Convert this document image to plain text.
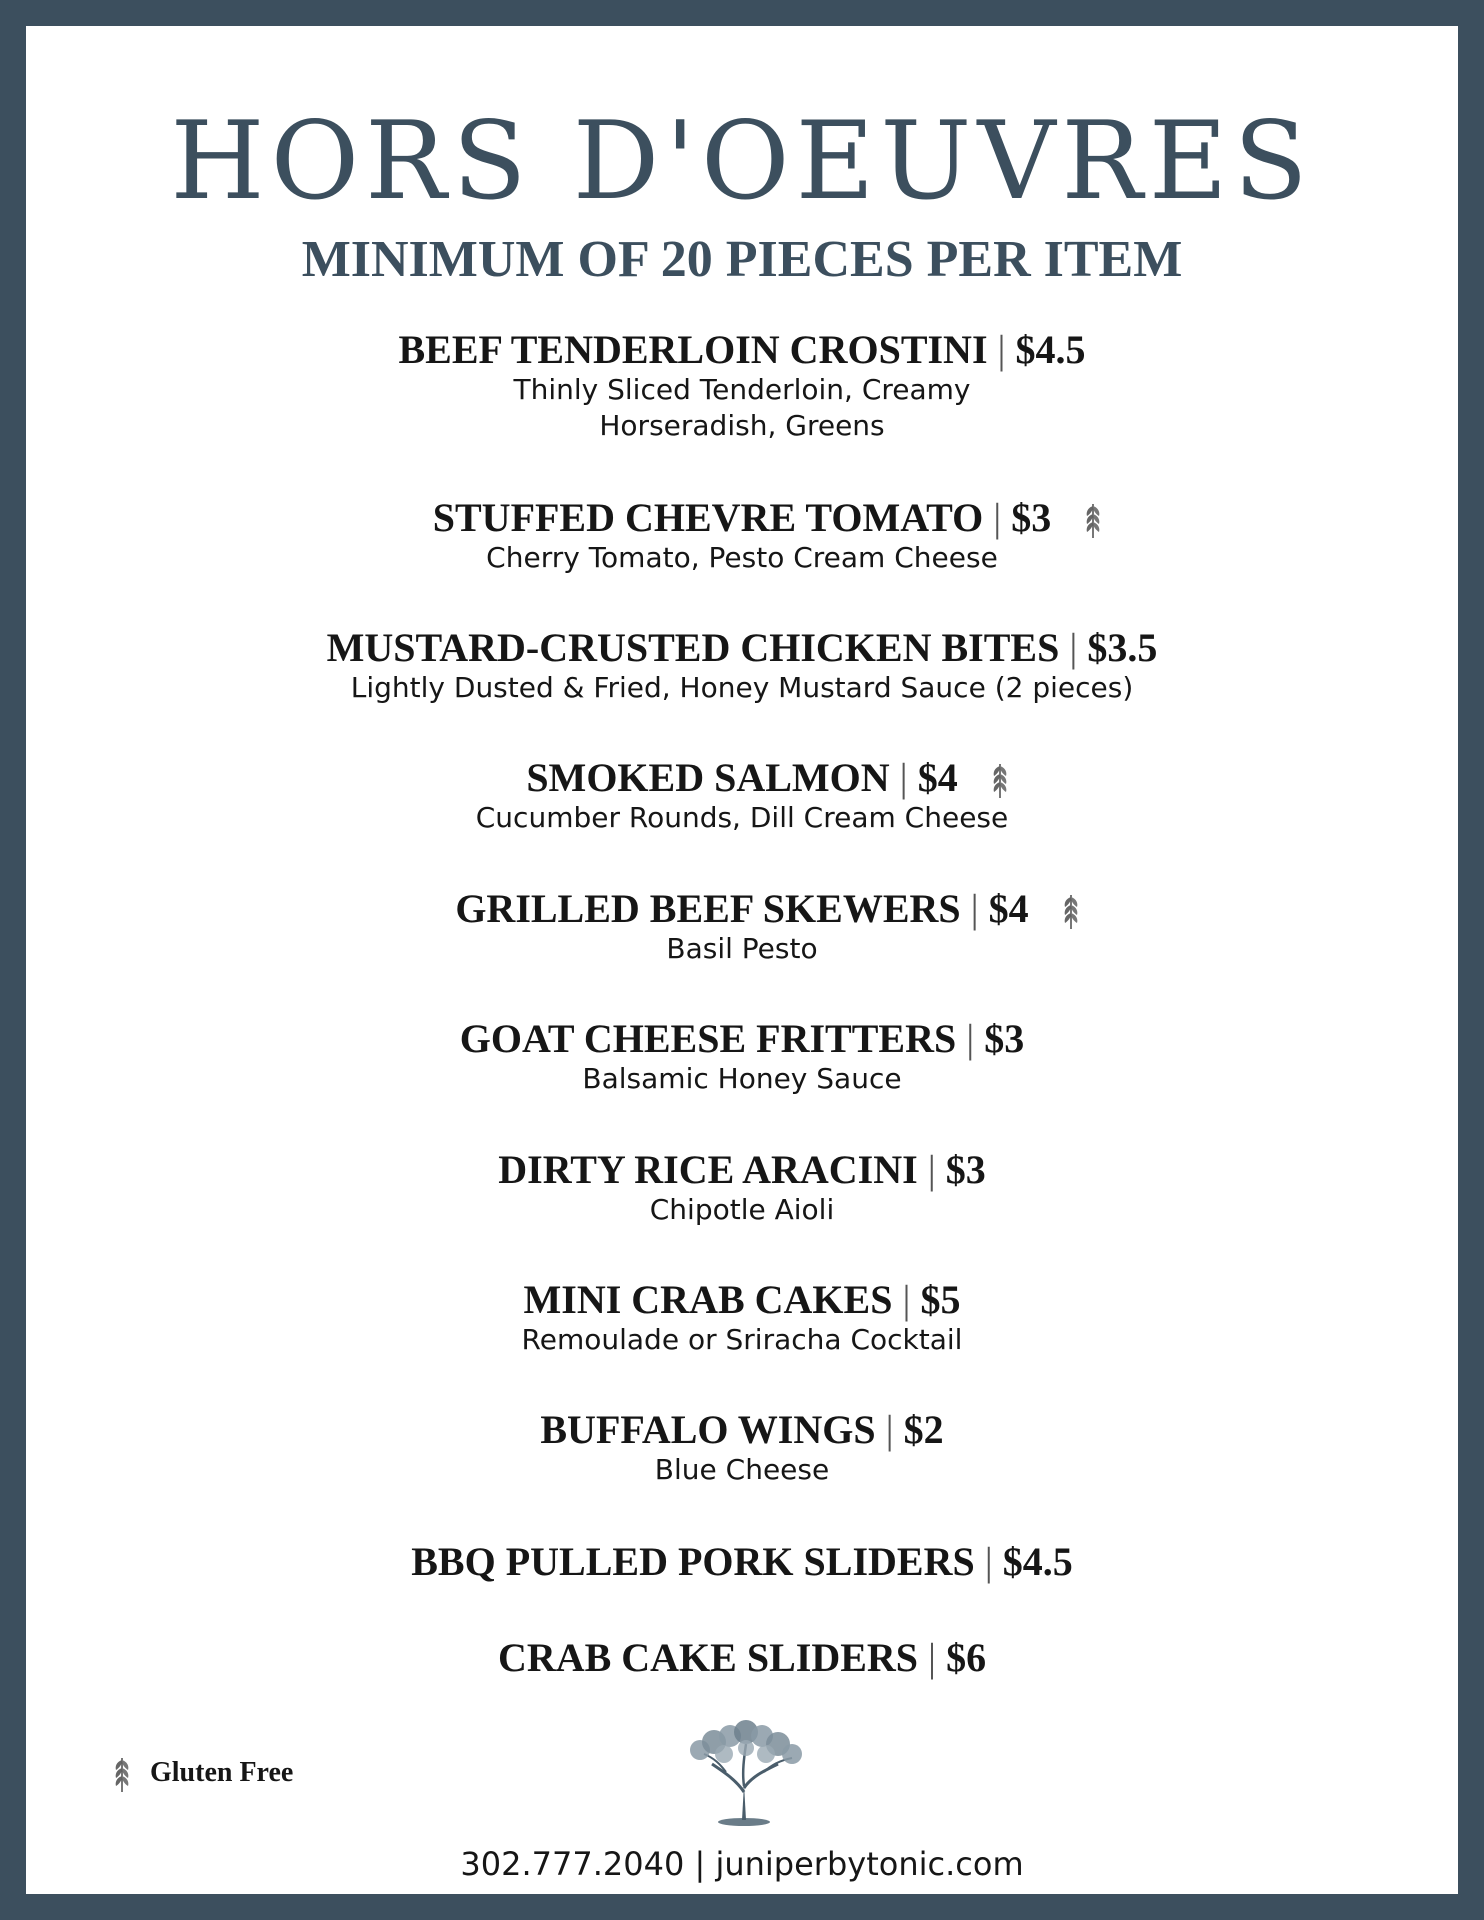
HORS D'OEUVRES
MINIMUM OF 20 PIECES PER ITEM
BEEF TENDERLOIN CROSTINI | $4.5
Thinly Sliced Tenderloin, Creamy
Horseradish, Greens
STUFFED CHEVRE TOMATO | $3
Cherry Tomato, Pesto Cream Cheese
MUSTARD-CRUSTED CHICKEN BITES | $3.5
Lightly Dusted & Fried, Honey Mustard Sauce (2 pieces)
SMOKED SALMON | $4
Cucumber Rounds, Dill Cream Cheese
GRILLED BEEF SKEWERS | $4
Basil Pesto
GOAT CHEESE FRITTERS | $3
Balsamic Honey Sauce
DIRTY RICE ARACINI | $3
Chipotle Aioli
MINI CRAB CAKES | $5
Remoulade or Sriracha Cocktail
BUFFALO WINGS | $2
Blue Cheese
BBQ PULLED PORK SLIDERS | $4.5
CRAB CAKE SLIDERS | $6
Gluten Free
302.777.2040 | juniperbytonic.com
